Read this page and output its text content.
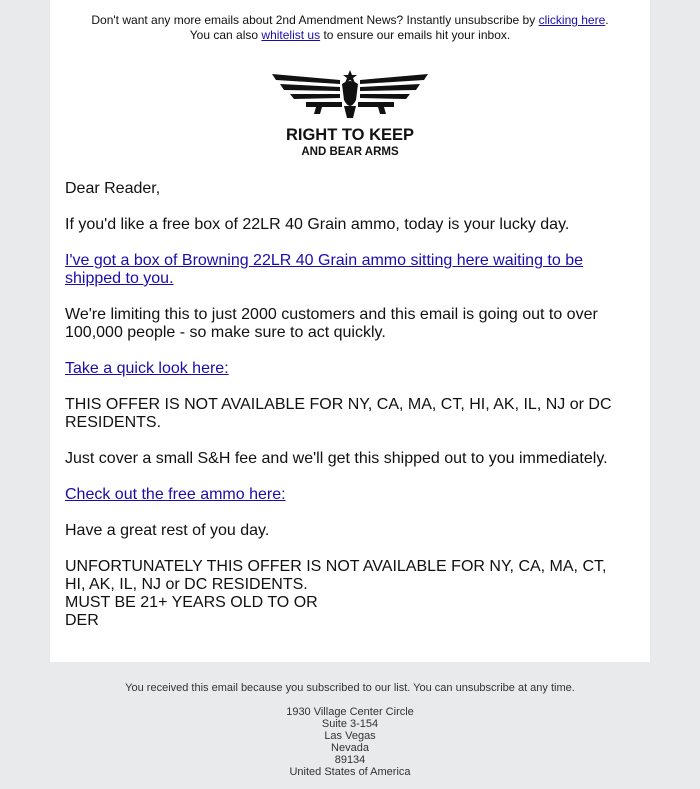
Don't want any more emails about 2nd Amendment News? Instantly unsubscribe by clicking here.
You can also whitelist us to ensure our emails hit your inbox.
RIGHT TO KEEP
AND BEAR ARMS

Dear Reader,

If you'd like a free box of 22LR 40 Grain ammo, today is your lucky day.

I've got a box of Browning 22LR 40 Grain ammo sitting here waiting to be shipped to you.

We're limiting this to just 2000 customers and this email is going out to over 100,000 people - so make sure to act quickly.

Take a quick look here:

THIS OFFER IS NOT AVAILABLE FOR NY, CA, MA, CT, HI, AK, IL, NJ or DC RESIDENTS.

Just cover a small S&H fee and we'll get this shipped out to you immediately.

Check out the free ammo here:

Have a great rest of you day.

UNFORTUNATELY THIS OFFER IS NOT AVAILABLE FOR NY, CA, MA, CT, HI, AK, IL, NJ or DC RESIDENTS.
MUST BE 21+ YEARS OLD TO OR
DER

You received this email because you subscribed to our list. You can unsubscribe at any time.
1930 Village Center Circle
Suite 3-154
Las Vegas
Nevada
89134
United States of America
